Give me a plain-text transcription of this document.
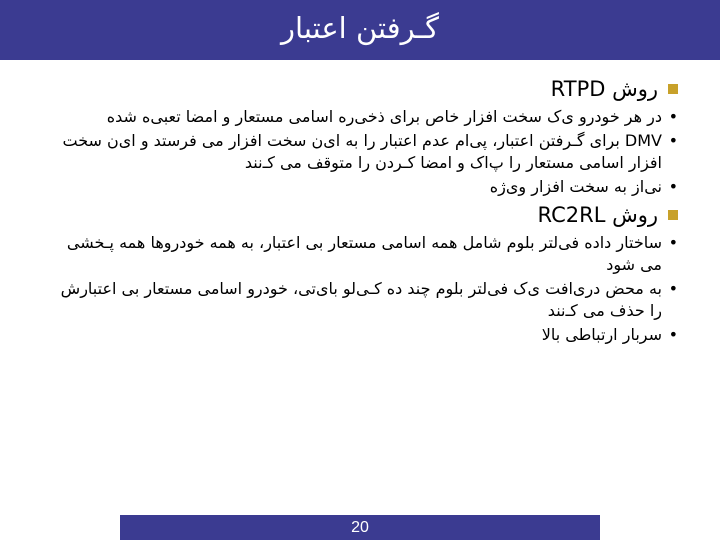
گـرفتن اعتبار
روش RTPD
•
در هر خودرو ی‌ک سخت افزار خاص برای ذخی‌ره اسامی مستعار و امضا تعبی‌ه شده
•
DMV برای گـرفتن اعتبار، پی‌ام عدم اعتبار را به ای‌ن سخت افزار می فرستد و ای‌ن سخت افزار اسامی مستعار را پ‌اک و امضا کـردن را متوقف می کـ‌نند
•
نی‌از به سخت افزار وی‌ژه
روش RC2RL
•
ساختار داده فی‌لتر بلوم شامل همه اسامی مستعار بی اعتبار، به همه خودروها همه پـخشی می شود
•
به محض دری‌افت ی‌ک فی‌لتر بلوم چند ده کـی‌لو بای‌تی، خودرو اسامی مستعار بی اعتبارش را حذف می کـ‌نند
•
سربار ارتباطی بالا
20
